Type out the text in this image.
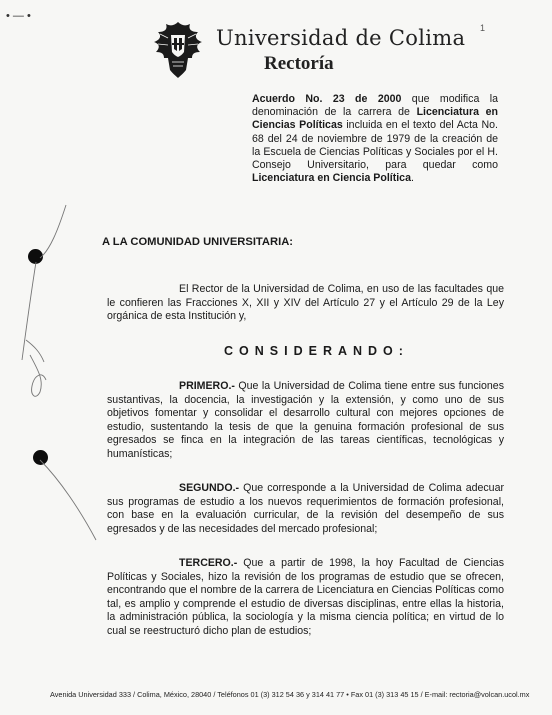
• — •
Universidad de Colima
Rectoría
1
Acuerdo No. 23 de 2000 que modifica la denominación de la carrera de Licenciatura en Ciencias Políticas incluida en el texto del Acta No. 68 del 24 de noviembre de 1979 de la creación de la Escuela de Ciencias Políticas y Sociales por el H. Consejo Universitario, para quedar como Licenciatura en Ciencia Política.
A LA COMUNIDAD UNIVERSITARIA:
El Rector de la Universidad de Colima, en uso de las facultades que le confieren las Fracciones X, XII y XIV del Artículo 27 y el Artículo 29 de la Ley orgánica de esta Institución y,
CONSIDERANDO:
PRIMERO.- Que la Universidad de Colima tiene entre sus funciones sustantivas, la docencia, la investigación y la extensión, y como uno de sus objetivos fomentar y consolidar el desarrollo cultural con mejores opciones de estudio, sustentando la tesis de que la genuina formación profesional de sus egresados se finca en la integración de las tareas científicas, tecnológicas y humanísticas;
SEGUNDO.- Que corresponde a la Universidad de Colima adecuar sus programas de estudio a los nuevos requerimientos de formación profesional, con base en la evaluación curricular, de la revisión del desempeño de sus egresados y de las necesidades del mercado profesional;
TERCERO.- Que a partir de 1998, la hoy Facultad de Ciencias Políticas y Sociales, hizo la revisión de los programas de estudio que se ofrecen, encontrando que el nombre de la carrera de Licenciatura en Ciencias Políticas como tal, es amplio y comprende el estudio de diversas disciplinas, entre ellas la historia, la administración pública, la sociología y la misma ciencia política; en virtud de lo cual se reestructuró dicho plan de estudios;
Avenida Universidad 333 / Colima, México, 28040 / Teléfonos 01 (3) 312 54 36 y 314 41 77 • Fax 01 (3) 313 45 15 / E-mail: rectoria@volcan.ucol.mx
